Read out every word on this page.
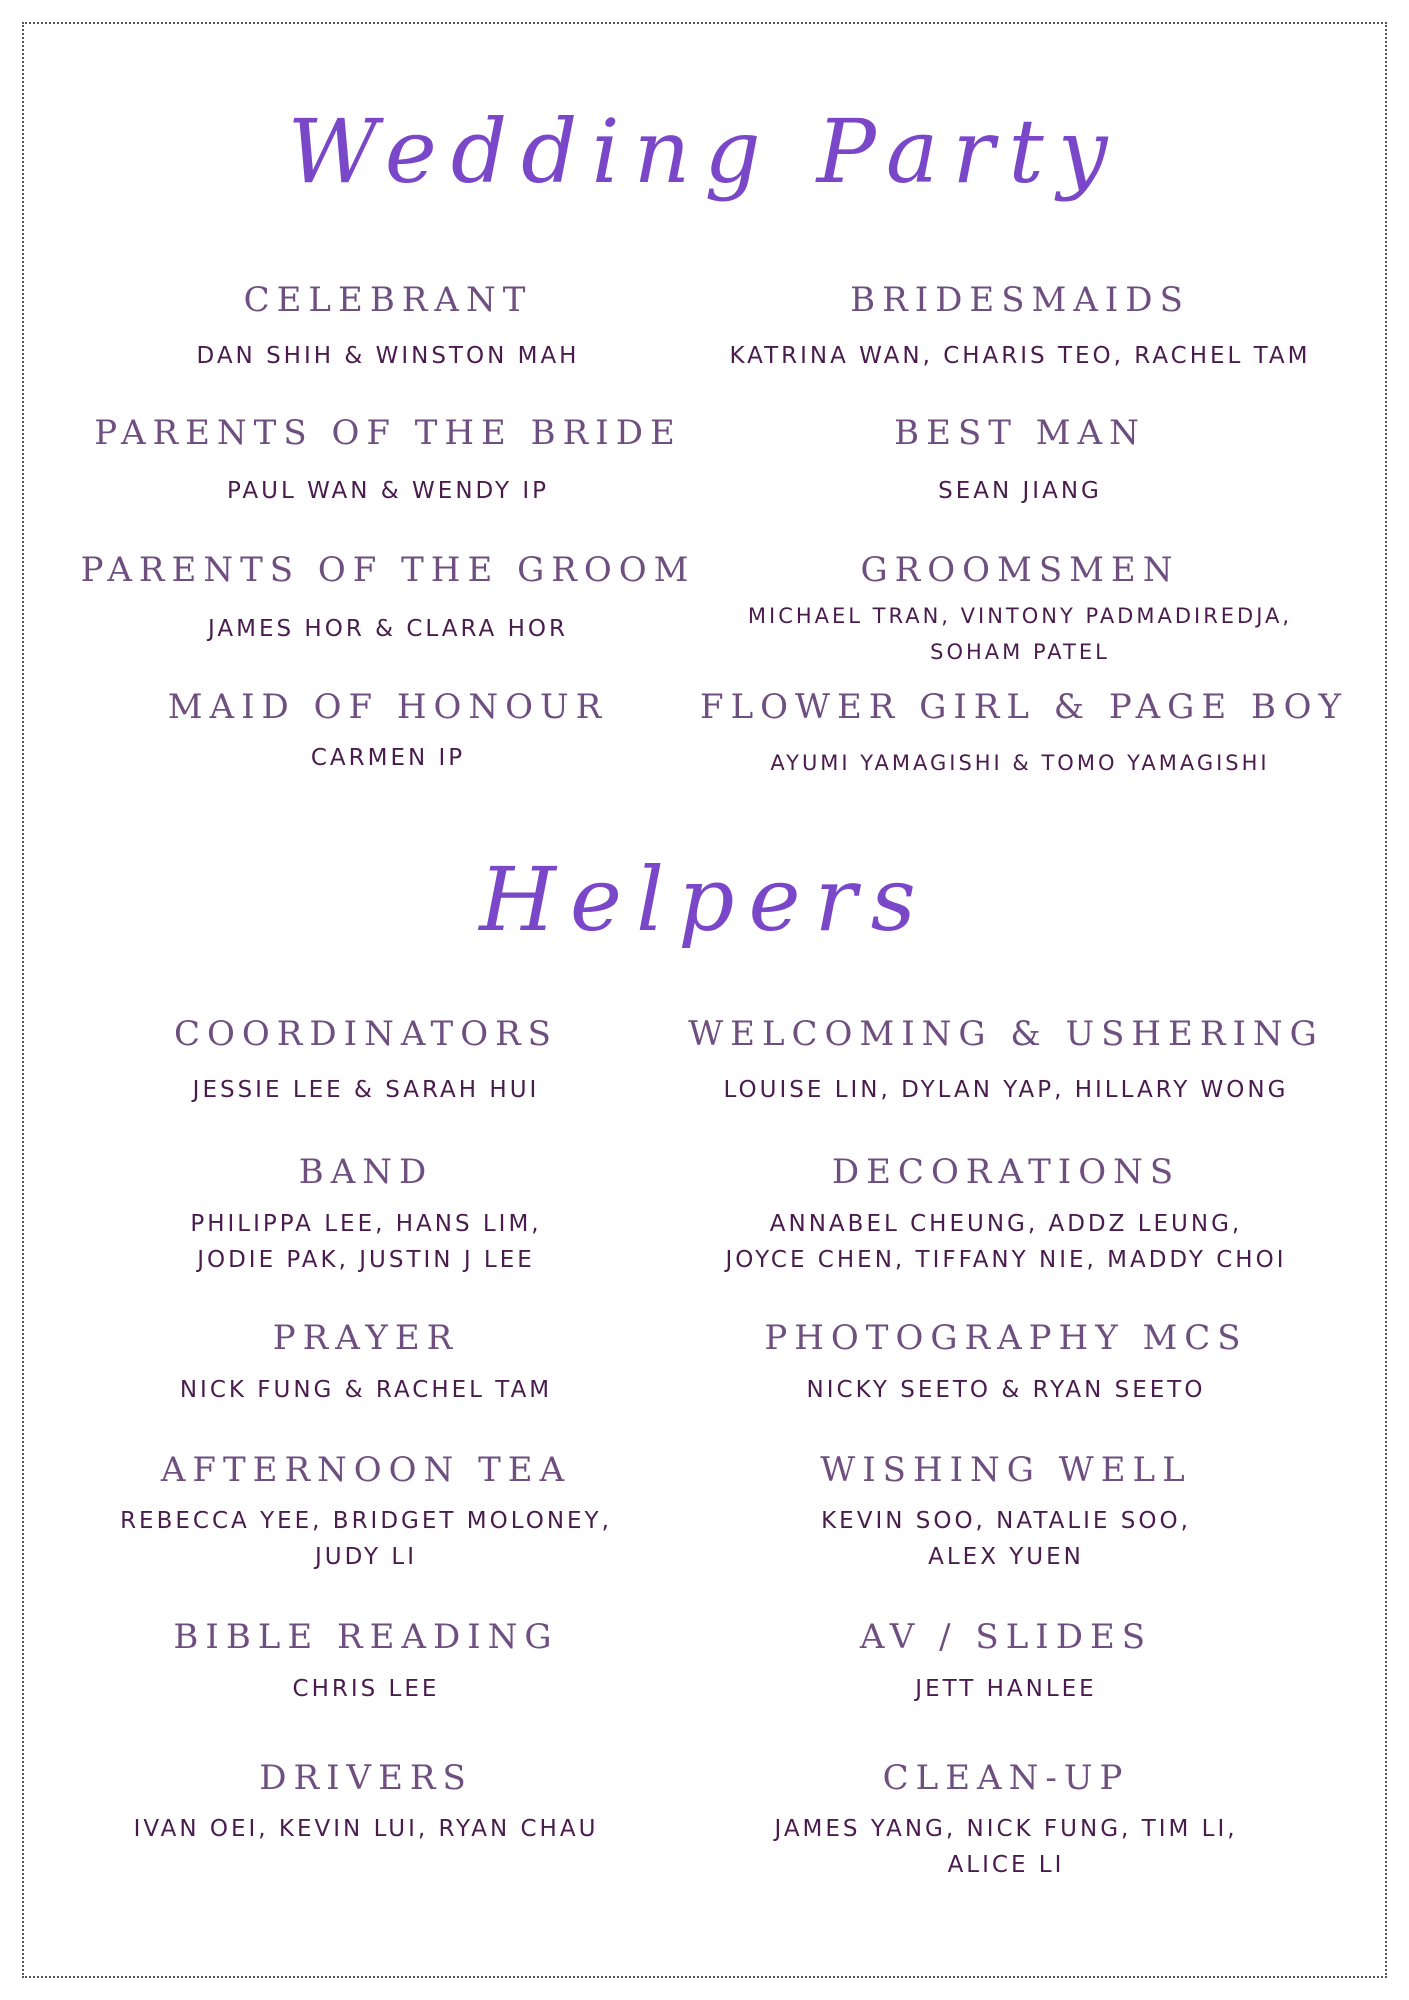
Wedding Party
CELEBRANT
DAN SHIH & WINSTON MAH
PARENTS OF THE BRIDE
PAUL WAN & WENDY IP
PARENTS OF THE GROOM
JAMES HOR & CLARA HOR
MAID OF HONOUR
CARMEN IP
BRIDESMAIDS
KATRINA WAN, CHARIS TEO, RACHEL TAM
BEST MAN
SEAN JIANG
GROOMSMEN
MICHAEL TRAN, VINTONY PADMADIREDJA,
SOHAM PATEL
FLOWER GIRL & PAGE BOY
AYUMI YAMAGISHI & TOMO YAMAGISHI
Helpers
COORDINATORS
JESSIE LEE & SARAH HUI
BAND
PHILIPPA LEE, HANS LIM,
JODIE PAK, JUSTIN J LEE
PRAYER
NICK FUNG & RACHEL TAM
AFTERNOON TEA
REBECCA YEE, BRIDGET MOLONEY,
JUDY LI
BIBLE READING
CHRIS LEE
DRIVERS
IVAN OEI, KEVIN LUI, RYAN CHAU
WELCOMING & USHERING
LOUISE LIN, DYLAN YAP, HILLARY WONG
DECORATIONS
ANNABEL CHEUNG, ADDZ LEUNG,
JOYCE CHEN, TIFFANY NIE, MADDY CHOI
PHOTOGRAPHY MCS
NICKY SEETO & RYAN SEETO
WISHING WELL
KEVIN SOO, NATALIE SOO,
ALEX YUEN
AV / SLIDES
JETT HANLEE
CLEAN-UP
JAMES YANG, NICK FUNG, TIM LI,
ALICE LI
